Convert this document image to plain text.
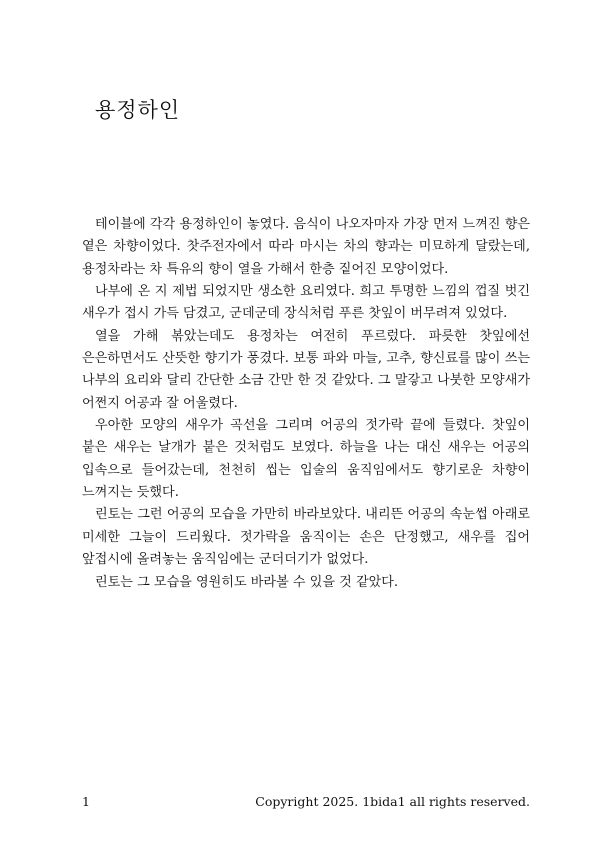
용정하인

테이블에 각각 용정하인이 놓였다. 음식이 나오자마자 가장 먼저 느껴진 향은 옅은 차향이었다. 찻주전자에서 따라 마시는 차의 향과는 미묘하게 달랐는데, 용정차라는 차 특유의 향이 열을 가해서 한층 짙어진 모양이었다.

나부에 온 지 제법 되었지만 생소한 요리였다. 희고 투명한 느낌의 껍질 벗긴 새우가 접시 가득 담겼고, 군데군데 장식처럼 푸른 찻잎이 버무려져 있었다.

열을 가해 볶았는데도 용정차는 여전히 푸르렀다. 파릇한 찻잎에선 은은하면서도 산뜻한 향기가 풍겼다. 보통 파와 마늘, 고추, 향신료를 많이 쓰는 나부의 요리와 달리 간단한 소금 간만 한 것 같았다. 그 말갛고 나붓한 모양새가 어쩐지 어공과 잘 어울렸다.

우아한 모양의 새우가 곡선을 그리며 어공의 젓가락 끝에 들렸다. 찻잎이 붙은 새우는 날개가 붙은 것처럼도 보였다. 하늘을 나는 대신 새우는 어공의 입속으로 들어갔는데, 천천히 씹는 입술의 움직임에서도 향기로운 차향이 느껴지는 듯했다.

린토는 그런 어공의 모습을 가만히 바라보았다. 내리뜬 어공의 속눈썹 아래로 미세한 그늘이 드리웠다. 젓가락을 움직이는 손은 단정했고, 새우를 집어 앞접시에 올려놓는 움직임에는 군더더기가 없었다.

린토는 그 모습을 영원히도 바라볼 수 있을 것 같았다.

1	Copyright 2025. 1bida1 all rights reserved.
